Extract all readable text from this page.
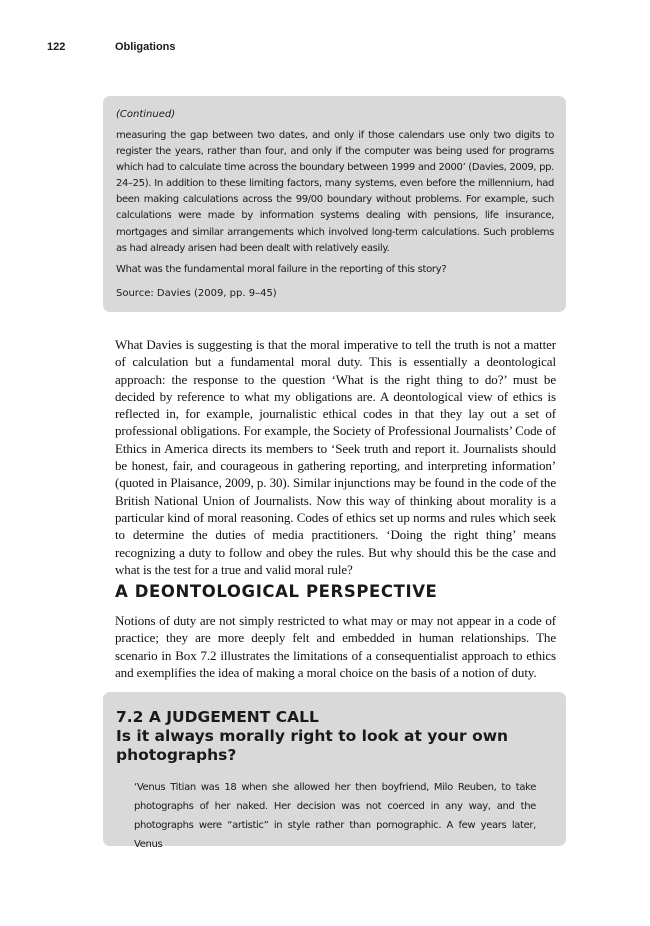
122	Obligations
(Continued)

measuring the gap between two dates, and only if those calendars use only two digits to register the years, rather than four, and only if the computer was being used for programs which had to calculate time across the boundary between 1999 and 2000’ (Davies, 2009, pp. 24–25). In addition to these limiting factors, many systems, even before the millennium, had been making calculations across the 99/00 boundary without problems. For example, such calculations were made by information systems dealing with pensions, life insurance, mortgages and similar arrangements which involved long-term calculations. Such problems as had already arisen had been dealt with relatively easily.

What was the fundamental moral failure in the reporting of this story?
Source: Davies (2009, pp. 9–45)

What Davies is suggesting is that the moral imperative to tell the truth is not a matter of calculation but a fundamental moral duty. This is essentially a deontological approach: the response to the question ‘What is the right thing to do?’ must be decided by reference to what my obligations are. A deontological view of ethics is reflected in, for example, journalistic ethical codes in that they lay out a set of professional obligations. For example, the Society of Professional Journalists’ Code of Ethics in America directs its members to ‘Seek truth and report it. Journalists should be honest, fair, and courageous in gathering reporting, and interpreting information’ (quoted in Plaisance, 2009, p. 30). Similar injunctions may be found in the code of the British National Union of Journalists. Now this way of thinking about morality is a particular kind of moral reasoning. Codes of ethics set up norms and rules which seek to determine the duties of media practitioners. ‘Doing the right thing’ means recognizing a duty to follow and obey the rules. But why should this be the case and what is the test for a true and valid moral rule?

A DEONTOLOGICAL PERSPECTIVE

Notions of duty are not simply restricted to what may or may not appear in a code of practice; they are more deeply felt and embedded in human relationships. The scenario in Box 7.2 illustrates the limitations of a consequentialist approach to ethics and exemplifies the idea of making a moral choice on the basis of a notion of duty.

7.2 A JUDGEMENT CALL
Is it always morally right to look at your own photographs?

‘Venus Titian was 18 when she allowed her then boyfriend, Milo Reuben, to take photographs of her naked. Her decision was not coerced in any way, and the photographs were “artistic” in style rather than pornographic. A few years later, Venus
